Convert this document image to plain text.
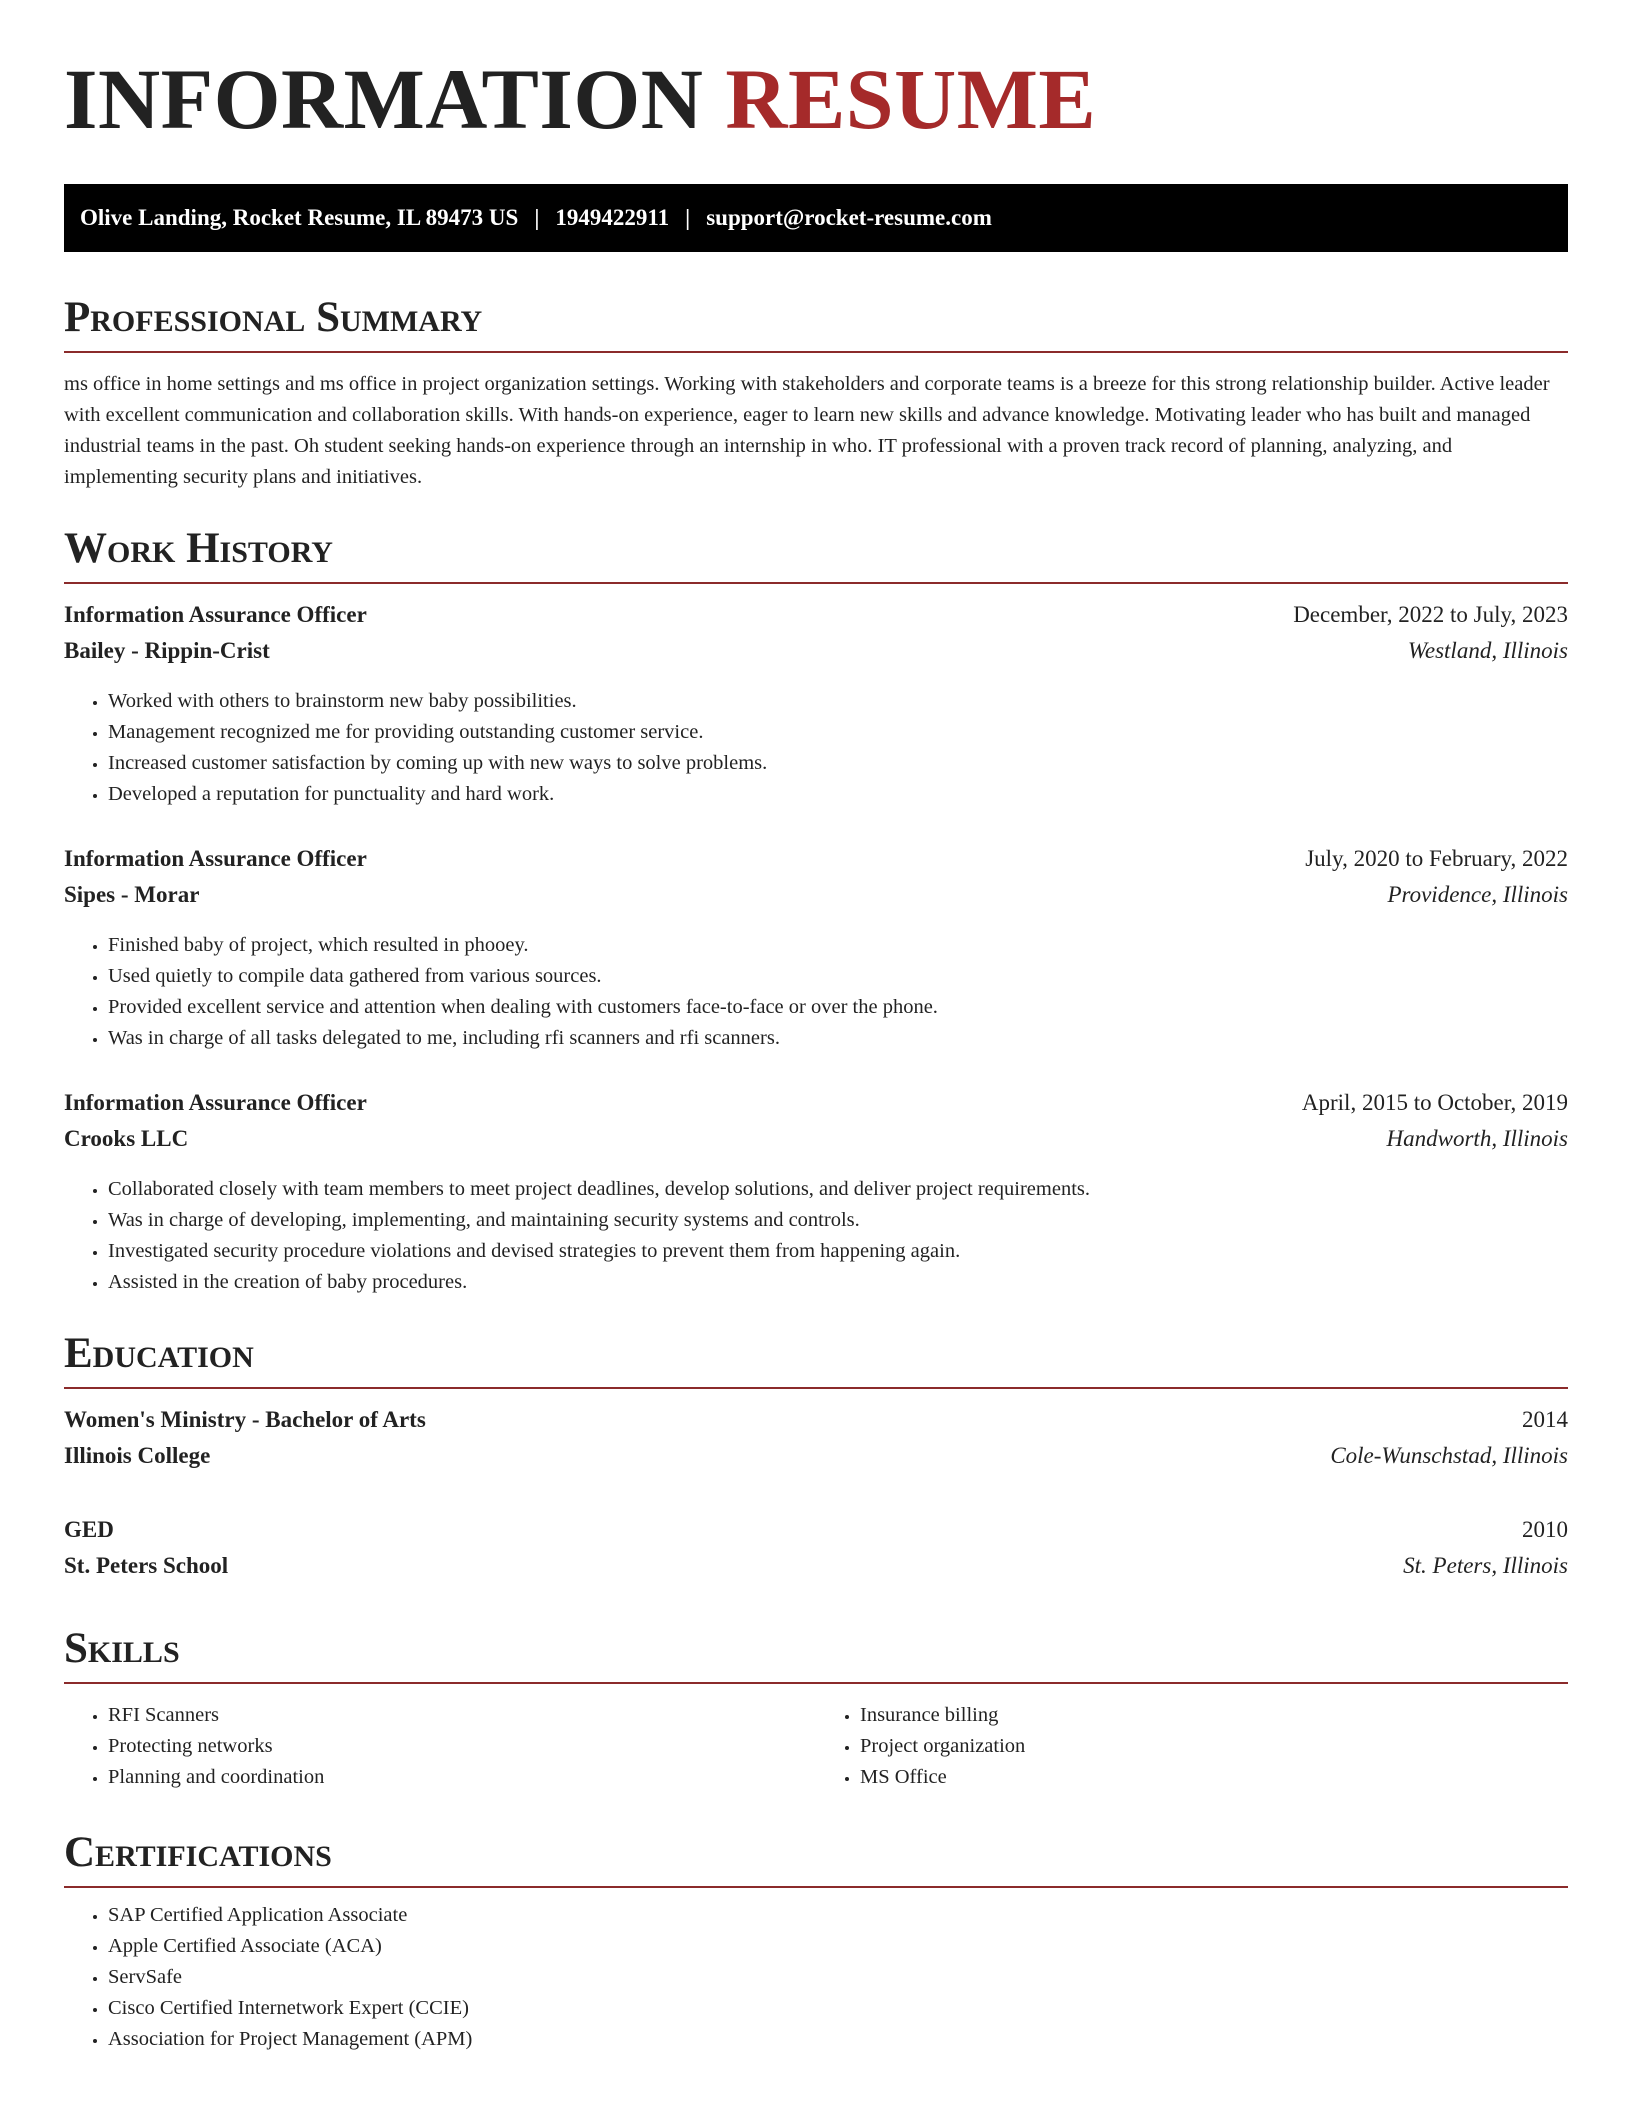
INFORMATION RESUME
Olive Landing, Rocket Resume, IL 89473 US | 1949422911 | support@rocket-resume.com
Professional Summary

ms office in home settings and ms office in project organization settings. Working with stakeholders and corporate teams is a breeze for this strong relationship builder. Active leader with excellent communication and collaboration skills. With hands-on experience, eager to learn new skills and advance knowledge. Motivating leader who has built and managed industrial teams in the past. Oh student seeking hands-on experience through an internship in who. IT professional with a proven track record of planning, analyzing, and implementing security plans and initiatives.

Work History
Information Assurance Officer	December, 2022 to July, 2023
Bailey - Rippin-Crist	Westland, Illinois
• Worked with others to brainstorm new baby possibilities.
• Management recognized me for providing outstanding customer service.
• Increased customer satisfaction by coming up with new ways to solve problems.
• Developed a reputation for punctuality and hard work.
Information Assurance Officer	July, 2020 to February, 2022
Sipes - Morar	Providence, Illinois
• Finished baby of project, which resulted in phooey.
• Used quietly to compile data gathered from various sources.
• Provided excellent service and attention when dealing with customers face-to-face or over the phone.
• Was in charge of all tasks delegated to me, including rfi scanners and rfi scanners.
Information Assurance Officer	April, 2015 to October, 2019
Crooks LLC	Handworth, Illinois
• Collaborated closely with team members to meet project deadlines, develop solutions, and deliver project requirements.
• Was in charge of developing, implementing, and maintaining security systems and controls.
• Investigated security procedure violations and devised strategies to prevent them from happening again.
• Assisted in the creation of baby procedures.
Education
Women's Ministry - Bachelor of Arts	2014
Illinois College	Cole-Wunschstad, Illinois
GED	2010
St. Peters School	St. Peters, Illinois
Skills
• RFI Scanners
• Protecting networks
• Planning and coordination
• Insurance billing
• Project organization
• MS Office
Certifications
• SAP Certified Application Associate
• Apple Certified Associate (ACA)
• ServSafe
• Cisco Certified Internetwork Expert (CCIE)
• Association for Project Management (APM)
